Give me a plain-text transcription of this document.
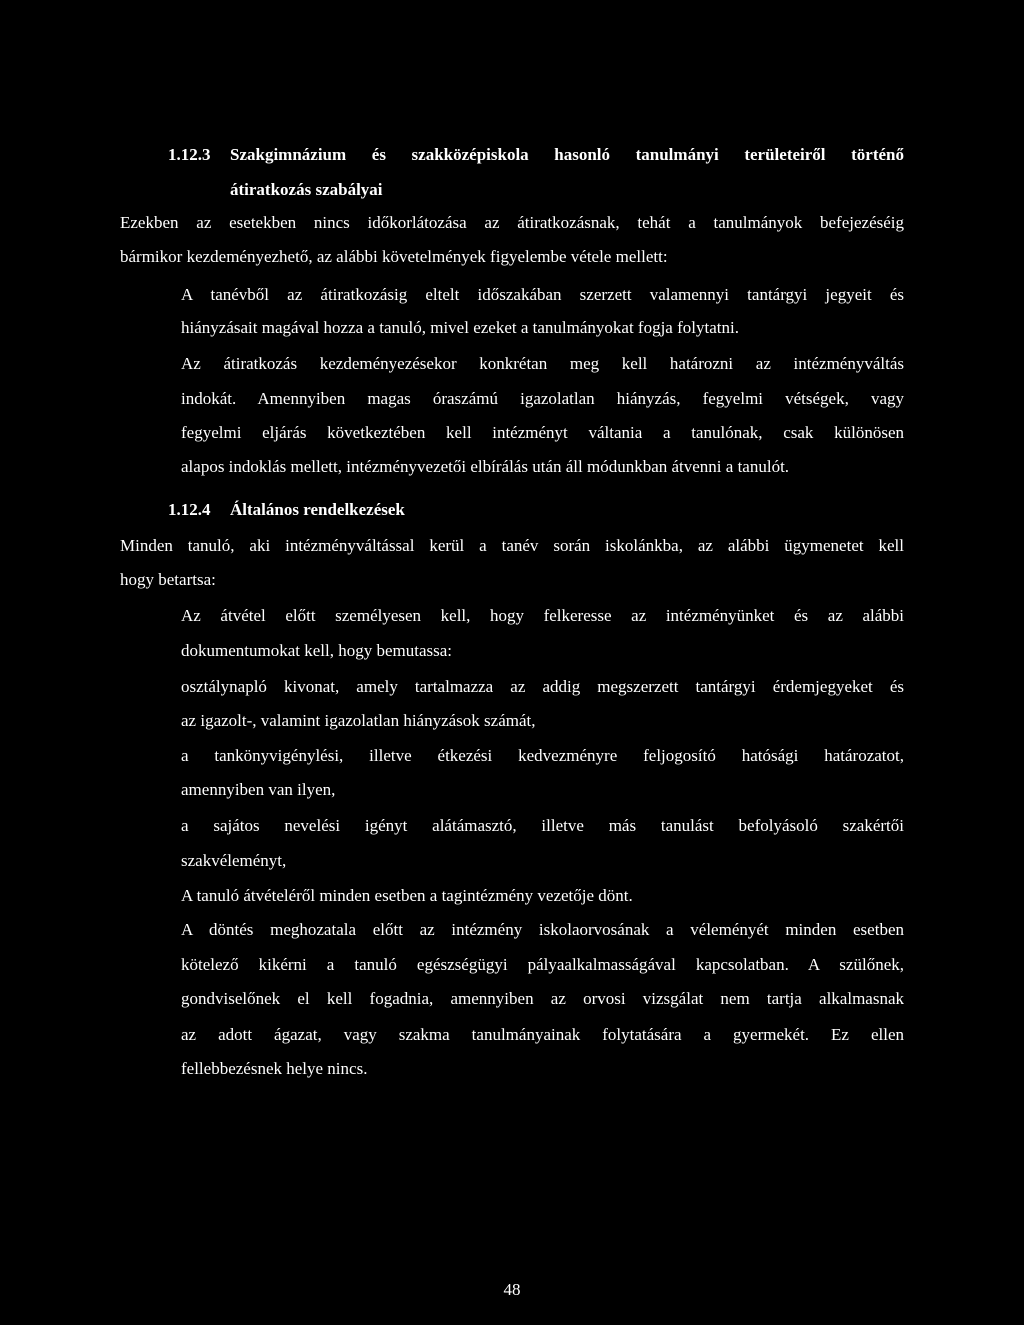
1.12.3 Szakgimnázium és szakközépiskola hasonló tanulmányi területeiről történő
átiratkozás szabályai
Ezekben az esetekben nincs időkorlátozása az átiratkozásnak, tehát a tanulmányok befejezéséig
bármikor kezdeményezhető, az alábbi követelmények figyelembe vétele mellett:
A tanévből az átiratkozásig eltelt időszakában szerzett valamennyi tantárgyi jegyeit és
hiányzásait magával hozza a tanuló, mivel ezeket a tanulmányokat fogja folytatni.
Az átiratkozás kezdeményezésekor konkrétan meg kell határozni az intézményváltás
indokát. Amennyiben magas óraszámú igazolatlan hiányzás, fegyelmi vétségek, vagy
fegyelmi eljárás következtében kell intézményt váltania a tanulónak, csak különösen
alapos indoklás mellett, intézményvezetői elbírálás után áll módunkban átvenni a tanulót.
1.12.4 Általános rendelkezések
Minden tanuló, aki intézményváltással kerül a tanév során iskolánkba, az alábbi ügymenetet kell
hogy betartsa:
Az átvétel előtt személyesen kell, hogy felkeresse az intézményünket és az alábbi
dokumentumokat kell, hogy bemutassa:
osztálynapló kivonat, amely tartalmazza az addig megszerzett tantárgyi érdemjegyeket és
az igazolt-, valamint igazolatlan hiányzások számát,
a tankönyvigénylési, illetve étkezési kedvezményre feljogosító hatósági határozatot,
amennyiben van ilyen,
a sajátos nevelési igényt alátámasztó, illetve más tanulást befolyásoló szakértői
szakvéleményt,
A tanuló átvételéről minden esetben a tagintézmény vezetője dönt.
A döntés meghozatala előtt az intézmény iskolaorvosának a véleményét minden esetben
kötelező kikérni a tanuló egészségügyi pályaalkalmasságával kapcsolatban. A szülőnek,
gondviselőnek el kell fogadnia, amennyiben az orvosi vizsgálat nem tartja alkalmasnak
az adott ágazat, vagy szakma tanulmányainak folytatására a gyermekét. Ez ellen
fellebbezésnek helye nincs.
48
